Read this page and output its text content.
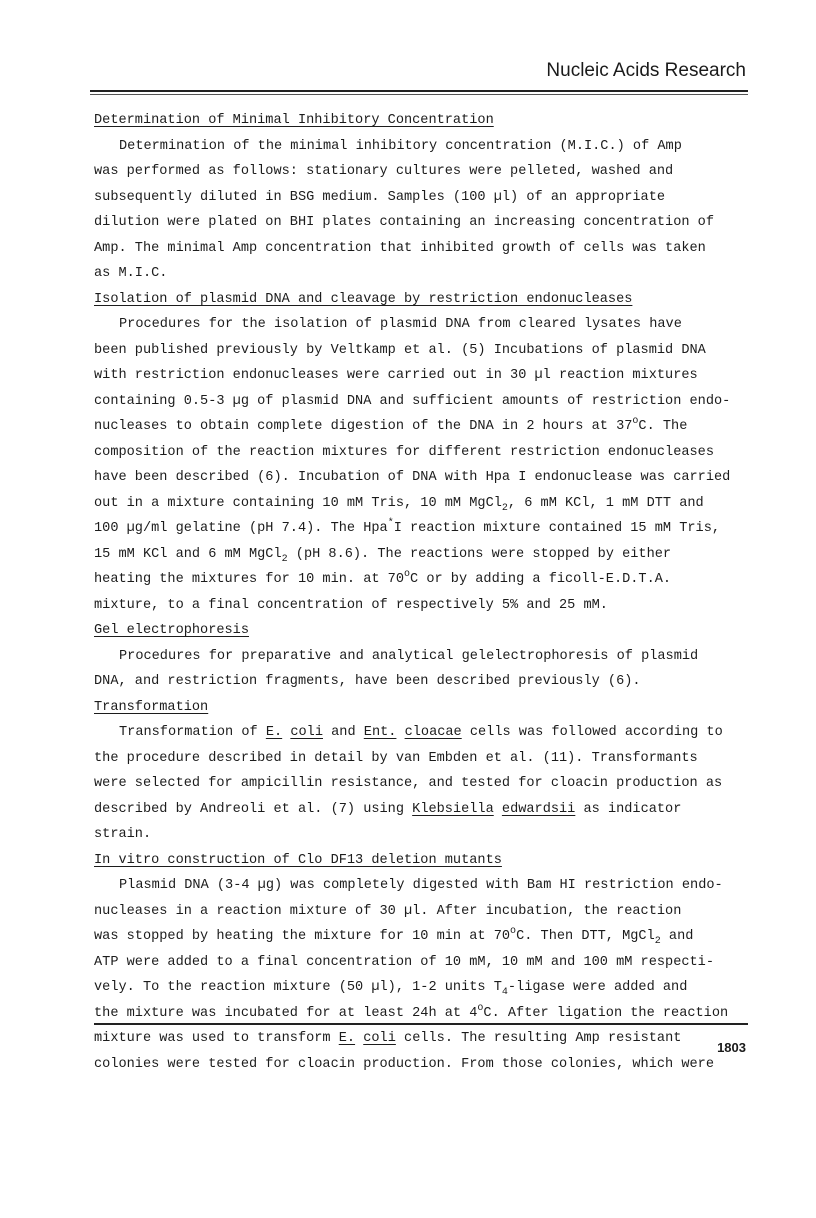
Nucleic Acids Research
Determination of Minimal Inhibitory Concentration
Determination of the minimal inhibitory concentration (M.I.C.) of Amp
was performed as follows: stationary cultures were pelleted, washed and
subsequently diluted in BSG medium. Samples (100 µl) of an appropriate
dilution were plated on BHI plates containing an increasing concentration of
Amp. The minimal Amp concentration that inhibited growth of cells was taken
as M.I.C.
Isolation of plasmid DNA and cleavage by restriction endonucleases
Procedures for the isolation of plasmid DNA from cleared lysates have
been published previously by Veltkamp et al. (5) Incubations of plasmid DNA
with restriction endonucleases were carried out in 30 µl reaction mixtures
containing 0.5-3 µg of plasmid DNA and sufficient amounts of restriction endo-
nucleases to obtain complete digestion of the DNA in 2 hours at 37$^o$C. The
composition of the reaction mixtures for different restriction endonucleases
have been described (6). Incubation of DNA with Hpa I endonuclease was carried
out in a mixture containing 10 mM Tris, 10 mM MgCl$_2$, 6 mM KCl, 1 mM DTT and
100 µg/ml gelatine (pH 7.4). The Hpa*I reaction mixture contained 15 mM Tris,
15 mM KCl and 6 mM MgCl$_2$ (pH 8.6). The reactions were stopped by either
heating the mixtures for 10 min. at 70$^o$C or by adding a ficoll-E.D.T.A.
mixture, to a final concentration of respectively 5% and 25 mM.
Gel electrophoresis
Procedures for preparative and analytical gelelectrophoresis of plasmid
DNA, and restriction fragments, have been described previously (6).
Transformation
Transformation of E. coli and Ent. cloacae cells was followed according to
the procedure described in detail by van Embden et al. (11). Transformants
were selected for ampicillin resistance, and tested for cloacin production as
described by Andreoli et al. (7) using Klebsiella edwardsii as indicator
strain.
In vitro construction of Clo DF13 deletion mutants
Plasmid DNA (3-4 µg) was completely digested with Bam HI restriction endo-
nucleases in a reaction mixture of 30 µl. After incubation, the reaction
was stopped by heating the mixture for 10 min at 70$^o$C. Then DTT, MgCl$_2$ and
ATP were added to a final concentration of 10 mM, 10 mM and 100 mM respecti-
vely. To the reaction mixture (50 µl), 1-2 units $T_4$-ligase were added and
the mixture was incubated for at least 24h at 4$^o$C. After ligation the reaction
mixture was used to transform E. coli cells. The resulting Amp resistant
colonies were tested for cloacin production. From those colonies, which were
1803
